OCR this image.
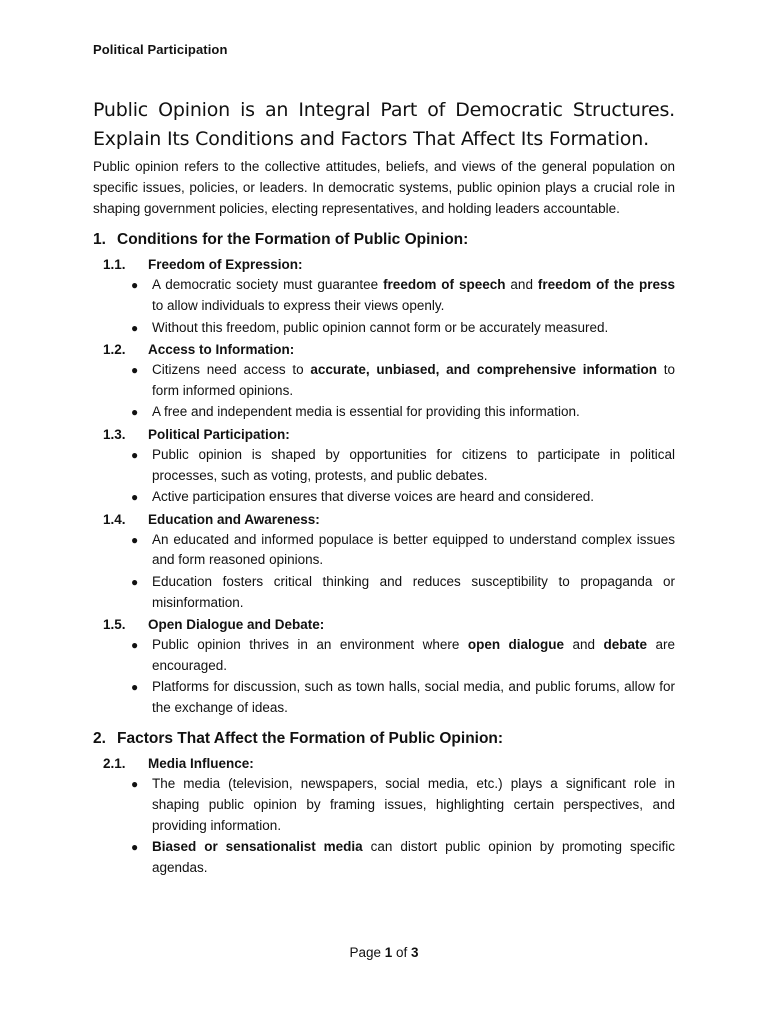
Political Participation
Public Opinion is an Integral Part of Democratic Structures. Explain Its Conditions and Factors That Affect Its Formation.

Public opinion refers to the collective attitudes, beliefs, and views of the general population on specific issues, policies, or leaders. In democratic systems, public opinion plays a crucial role in shaping government policies, electing representatives, and holding leaders accountable.

1. Conditions for the Formation of Public Opinion:
1.1. Freedom of Expression:
● A democratic society must guarantee freedom of speech and freedom of the press to allow individuals to express their views openly.
● Without this freedom, public opinion cannot form or be accurately measured.
1.2. Access to Information:
● Citizens need access to accurate, unbiased, and comprehensive information to form informed opinions.
● A free and independent media is essential for providing this information.
1.3. Political Participation:
● Public opinion is shaped by opportunities for citizens to participate in political processes, such as voting, protests, and public debates.
● Active participation ensures that diverse voices are heard and considered.
1.4. Education and Awareness:
● An educated and informed populace is better equipped to understand complex issues and form reasoned opinions.
● Education fosters critical thinking and reduces susceptibility to propaganda or misinformation.
1.5. Open Dialogue and Debate:
● Public opinion thrives in an environment where open dialogue and debate are encouraged.
● Platforms for discussion, such as town halls, social media, and public forums, allow for the exchange of ideas.
2. Factors That Affect the Formation of Public Opinion:
2.1. Media Influence:
● The media (television, newspapers, social media, etc.) plays a significant role in shaping public opinion by framing issues, highlighting certain perspectives, and providing information.
● Biased or sensationalist media can distort public opinion by promoting specific agendas.
Page 1 of 3
